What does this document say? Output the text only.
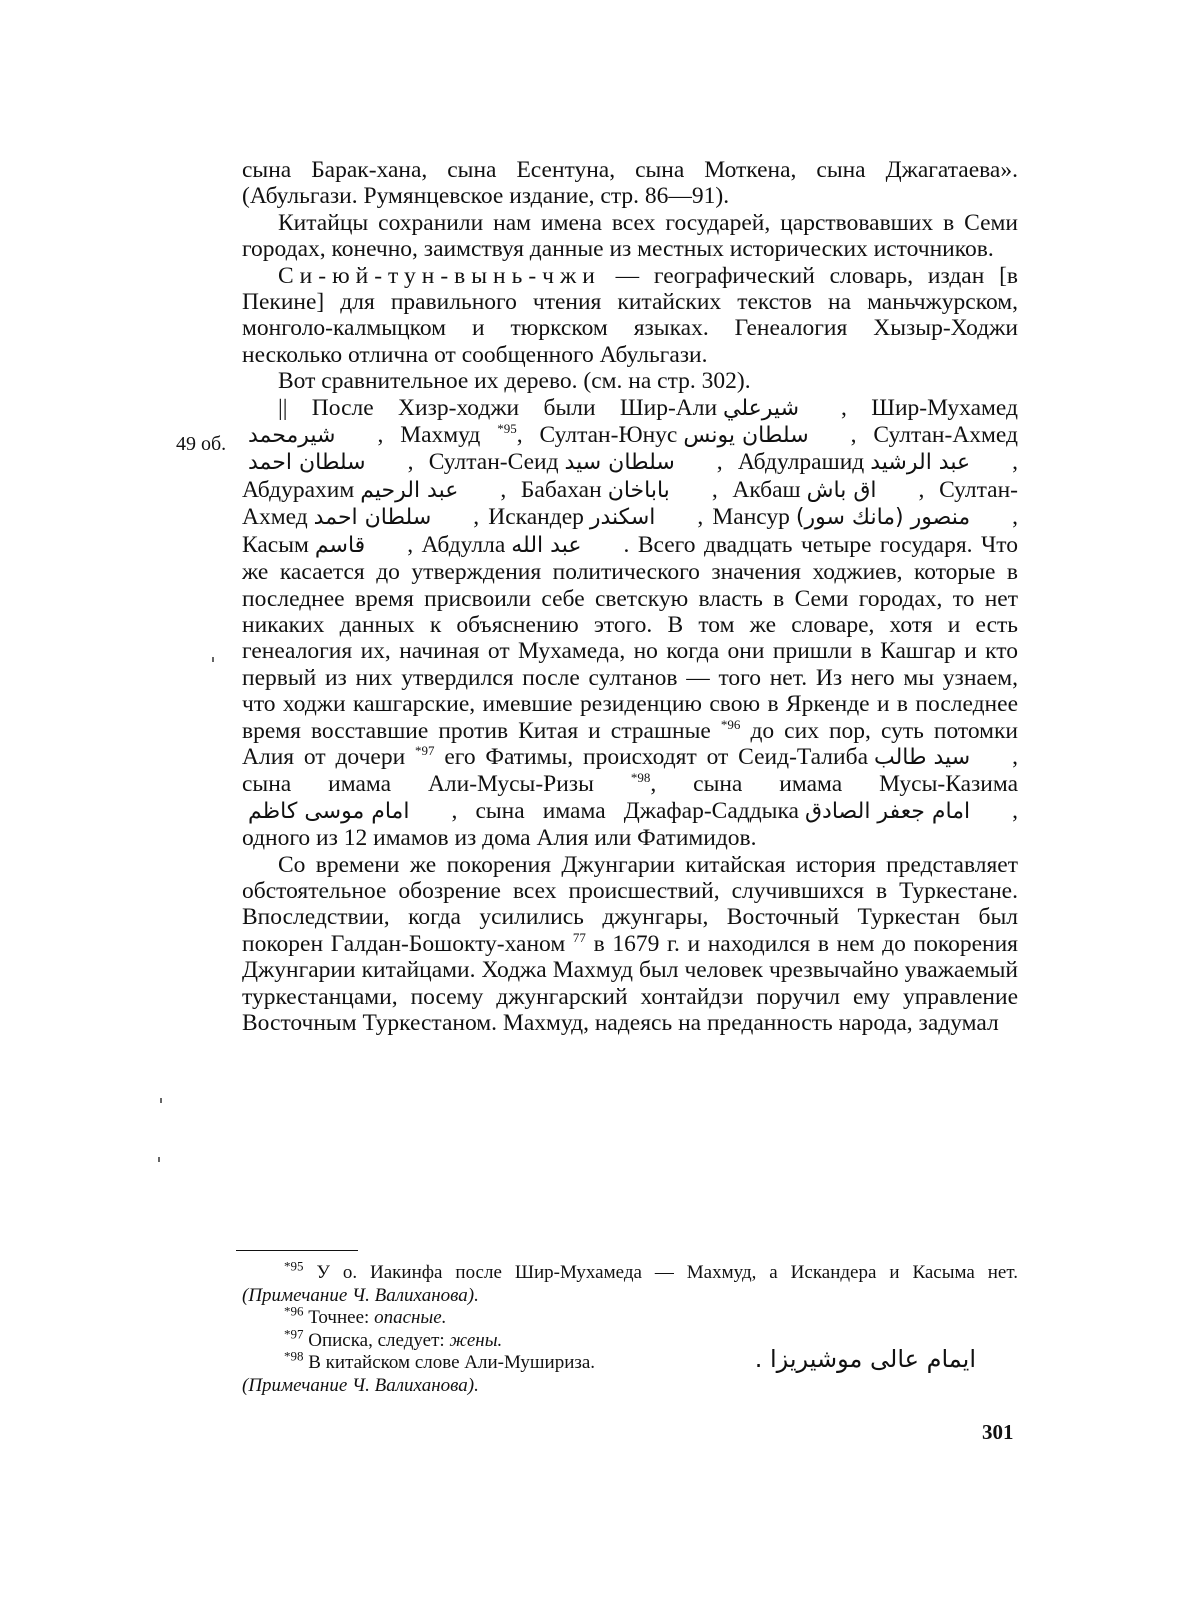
49 об.

сына Барак-хана, сына Есентуна, сына Моткена, сына Джагатаева». (Абульгази. Румянцевское издание, стр. 86—91).

Китайцы сохранили нам имена всех государей, царствовавших в Семи городах, конечно, заимствуя данные из местных исторических источников.

Си-юй-тун-вынь-чжи — географический словарь, издан [в Пекине] для правильного чтения китайских текстов на маньчжурском, монголо-калмыцком и тюркском языках. Генеалогия Хызыр-Ходжи несколько отлична от сообщенного Абульгази.

Вот сравнительное их дерево. (см. на стр. 302).

|| После Хизр-ходжи были Шир-Али شيرعلي , Шир-Мухамедشيرمحمد , Махмуд $^{*95}$, Султан-Юнус سلطان يونس , Султан-Ахмедسلطان احمد , Султан-Сеид سلطان سيد , Абдулрашид عبد الرشيد , Абдурахим عبد الرحيم , Бабахан باباخان , Акбаш اق باش , Султан-Ахмед سلطان احمد , Искандер اسكندر , Мансур منصور (مانك سور) , Касым قاسم , Абдулла عبد الله . Всего двадцать четыре государя. Что же касается до утверждения политического значения ходжиев, которые в последнее время присвоили себе светскую власть в Семи городах, то нет никаких данных к объяснению этого. В том же словаре, хотя и есть генеалогия их, начиная от Мухамеда, но когда они пришли в Кашгар и кто первый из них утвердился после султанов — того нет. Из него мы узнаем, что ходжи кашгарские, имевшие резиденцию свою в Яркенде и в последнее время восставшие против Китая и страшные $^{*96}$ до сих пор, суть потомки Алия от дочери $^{*97}$ его Фатимы, происходят от Сеид-Талиба سيد طالب , сына имама Али-Мусы-Ризы	$^{*98}$, сына имама Мусы-Казимаامام موسى كاظم , сына имама Джафар-Саддыка امام جعفر الصادق , одного из 12 имамов из дома Алия или Фатимидов.

Со времени же покорения Джунгарии китайская история представляет обстоятельное обозрение всех происшествий, случившихся в Туркестане. Впоследствии, когда усилились джунгары, Восточный Туркестан был покорен Галдан-Бошокту-ханом $^{77}$ в 1679 г. и находился в нем до покорения Джунгарии китайцами. Ходжа Махмуд был человек чрезвычайно уважаемый туркестанцами, посему джунгарский хонтайдзи поручил ему управление Восточным Туркестаном. Махмуд, надеясь на преданность народа, задумал

$^{*95}$ У о. Иакинфа после Шир-Мухамеда — Махмуд, а Искандера и Касыма нет. (Примечание Ч. Валиханова).

$^{*96}$ Точнее: опасные.

$^{*97}$ Описка, следует: жены.

$^{*98}$ В китайском слове Али-Мушириза.	ايمام عالى موشيريزا .

(Примечание Ч. Валиханова).

301
